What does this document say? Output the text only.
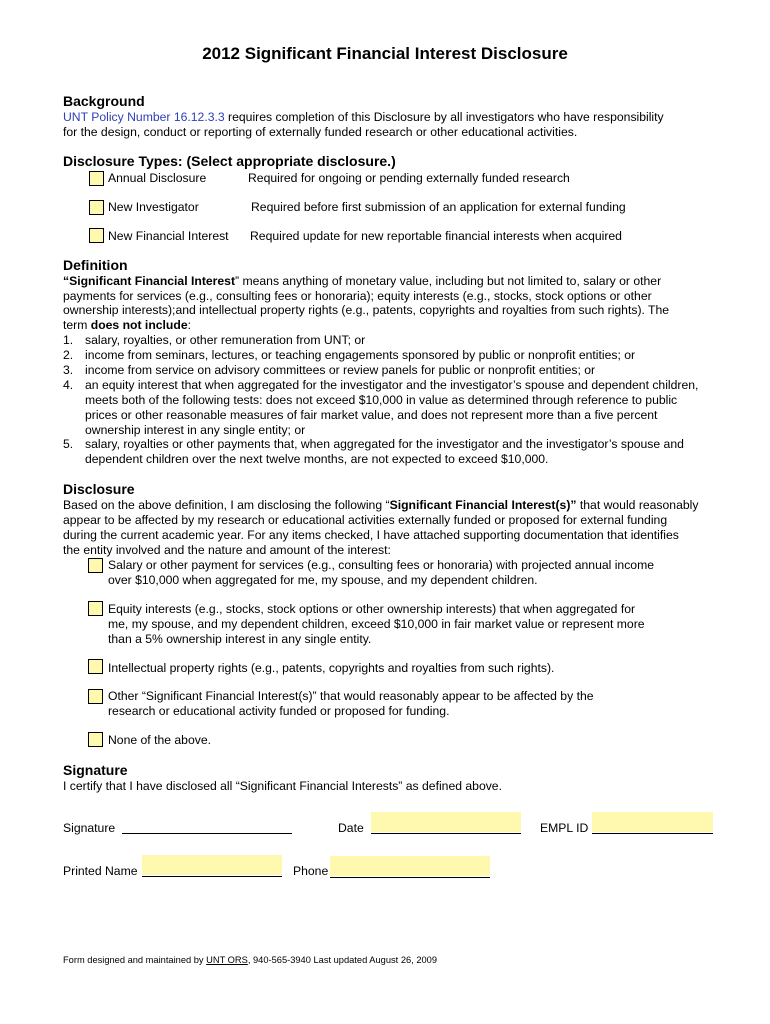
2012 Significant Financial Interest Disclosure
Background
UNT Policy Number 16.12.3.3 requires completion of this Disclosure by all investigators who have responsibility
for the design, conduct or reporting of externally funded research or other educational activities.
Disclosure Types: (Select appropriate disclosure.)
Annual Disclosure	Required for ongoing or pending externally funded research
New Investigator	Required before first submission of an application for external funding
New Financial Interest Required update for new reportable financial interests when acquired
Definition
“Significant Financial Interest” means anything of monetary value, including but not limited to, salary or other
payments for services (e.g., consulting fees or honoraria); equity interests (e.g., stocks, stock options or other
ownership interests);and intellectual property rights (e.g., patents, copyrights and royalties from such rights). The
term does not include:
1. salary, royalties, or other remuneration from UNT; or
2. income from seminars, lectures, or teaching engagements sponsored by public or nonprofit entities; or
3. income from service on advisory committees or review panels for public or nonprofit entities; or
4. an equity interest that when aggregated for the investigator and the investigator’s spouse and dependent children,
meets both of the following tests: does not exceed $10,000 in value as determined through reference to public
prices or other reasonable measures of fair market value, and does not represent more than a five percent
ownership interest in any single entity; or
5. salary, royalties or other payments that, when aggregated for the investigator and the investigator’s spouse and
dependent children over the next twelve months, are not expected to exceed $10,000.
Disclosure
Based on the above definition, I am disclosing the following “Significant Financial Interest(s)” that would reasonably
appear to be affected by my research or educational activities externally funded or proposed for external funding
during the current academic year. For any items checked, I have attached supporting documentation that identifies
the entity involved and the nature and amount of the interest:
Salary or other payment for services (e.g., consulting fees or honoraria) with projected annual income
over $10,000 when aggregated for me, my spouse, and my dependent children.
Equity interests (e.g., stocks, stock options or other ownership interests) that when aggregated for
me, my spouse, and my dependent children, exceed $10,000 in fair market value or represent more
than a 5% ownership interest in any single entity.
Intellectual property rights (e.g., patents, copyrights and royalties from such rights).
Other “Significant Financial Interest(s)” that would reasonably appear to be affected by the
research or educational activity funded or proposed for funding.
None of the above.
Signature
I certify that I have disclosed all “Significant Financial Interests” as defined above.
Signature	Date	EMPL ID
Printed Name	Phone
Form designed and maintained by UNT ORS, 940-565-3940 Last updated August 26, 2009
